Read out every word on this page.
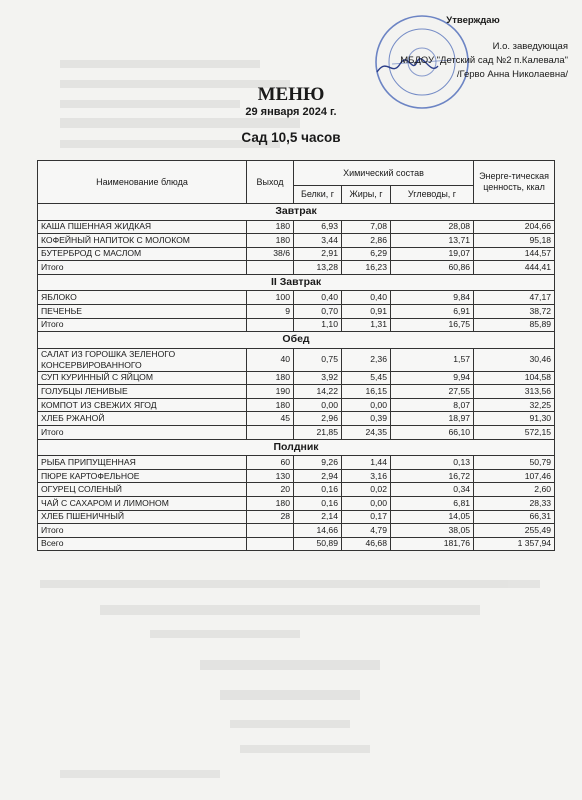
Утверждаю
И.о. заведующая
МБДОУ "Детский сад №2 п.Калевала"
/Герво Анна Николаевна/
МЕНЮ
29 января 2024 г.
Сад 10,5 часов
Наименование блюда	Выход	Химический состав			Энерге-тическая ценность, ккал
		Белки, г	Жиры, г	Углеводы, г	
Завтрак					
КАША ПШЕННАЯ ЖИДКАЯ	180	6,93	7,08	28,08	204,66
КОФЕЙНЫЙ НАПИТОК С МОЛОКОМ	180	3,44	2,86	13,71	95,18
БУТЕРБРОД С МАСЛОМ	38/6	2,91	6,29	19,07	144,57
Итого		13,28	16,23	60,86	444,41
II Завтрак					
ЯБЛОКО	100	0,40	0,40	9,84	47,17
ПЕЧЕНЬЕ	9	0,70	0,91	6,91	38,72
Итого		1,10	1,31	16,75	85,89
Обед					
САЛАТ ИЗ ГОРОШКА ЗЕЛЕНОГО КОНСЕРВИРОВАННОГО	40	0,75	2,36	1,57	30,46
СУП КУРИННЫЙ С ЯЙЦОМ	180	3,92	5,45	9,94	104,58
ГОЛУБЦЫ ЛЕНИВЫЕ	190	14,22	16,15	27,55	313,56
КОМПОТ ИЗ СВЕЖИХ ЯГОД	180	0,00	0,00	8,07	32,25
ХЛЕБ РЖАНОЙ	45	2,96	0,39	18,97	91,30
Итого		21,85	24,35	66,10	572,15
Полдник					
РЫБА ПРИПУЩЕННАЯ	60	9,26	1,44	0,13	50,79
ПЮРЕ КАРТОФЕЛЬНОЕ	130	2,94	3,16	16,72	107,46
ОГУРЕЦ СОЛЕНЫЙ	20	0,16	0,02	0,34	2,60
ЧАЙ С САХАРОМ И ЛИМОНОМ	180	0,16	0,00	6,81	28,33
ХЛЕБ ПШЕНИЧНЫЙ	28	2,14	0,17	14,05	66,31
Итого		14,66	4,79	38,05	255,49
Всего		50,89	46,68	181,76	1 357,94
